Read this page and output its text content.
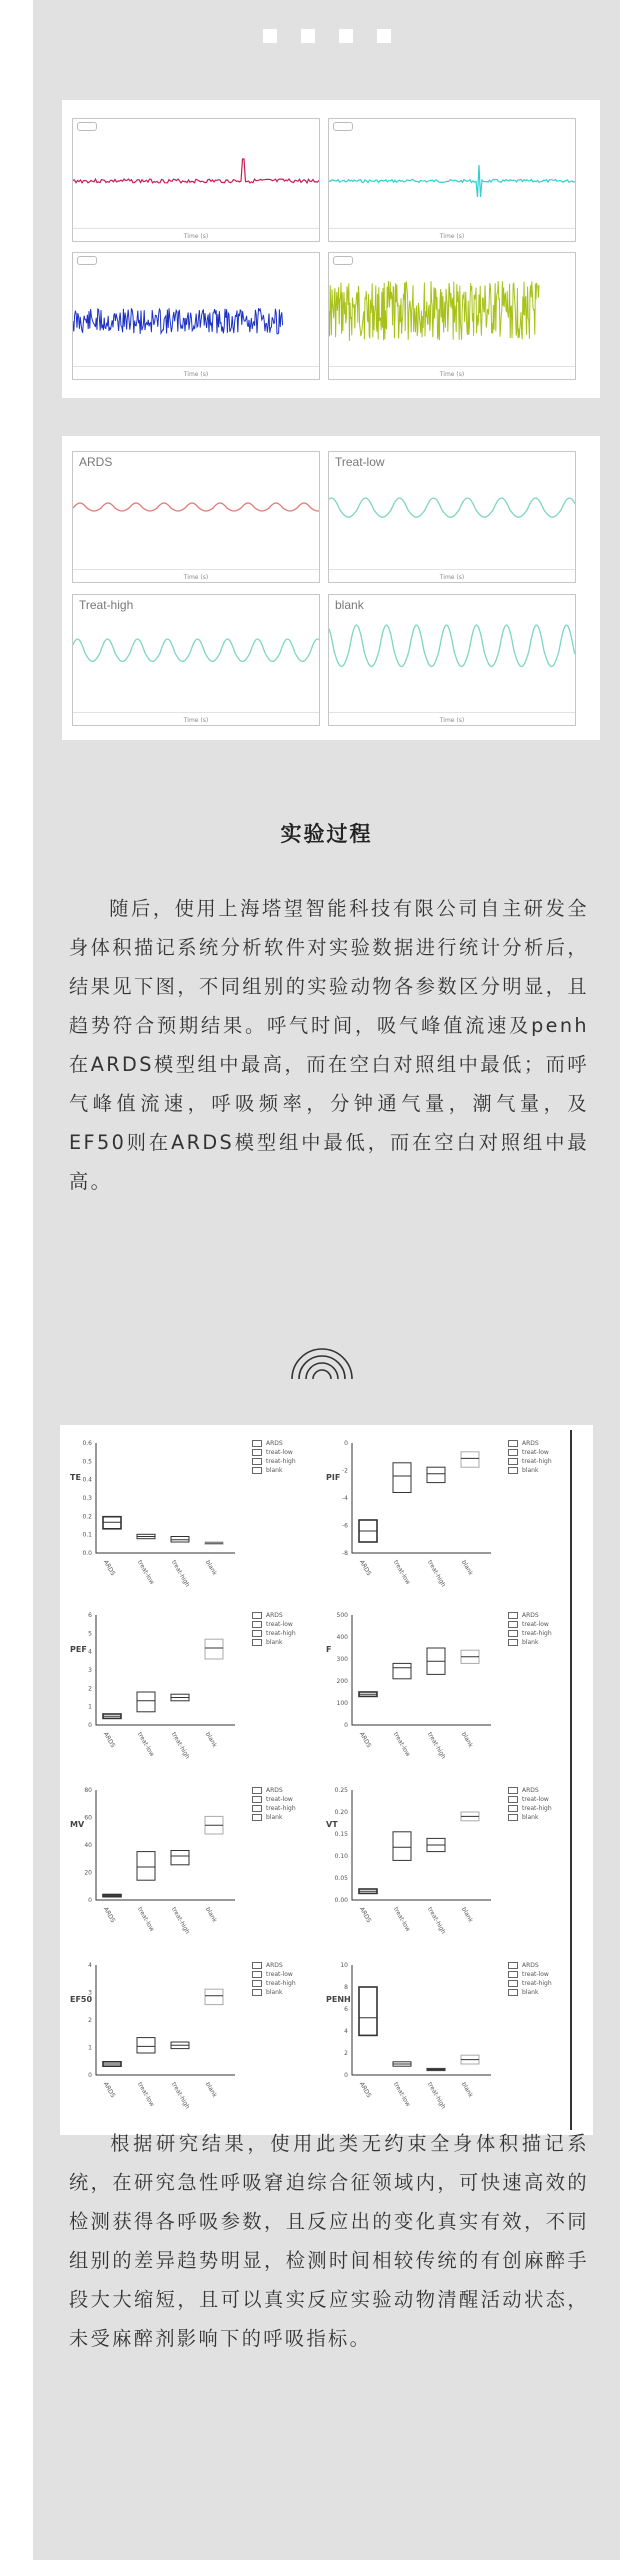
Time (s)	Time (s)
Time (s)	Time (s)
ARDS
Time (s)
Treat-low
Time (s)
Treat-high
Time (s)
blank
Time (s)
实验过程

随后，使用上海塔望智能科技有限公司自主研发全身体积描记系统分析软件对实验数据进行统计分析后，结果见下图，不同组别的实验动物各参数区分明显，且趋势符合预期结果。呼气时间，吸气峰值流速及penh在ARDS模型组中最高，而在空白对照组中最低；而呼气峰值流速，呼吸频率，分钟通气量，潮气量，及EF50则在ARDS模型组中最低，而在空白对照组中最高。

TE
0.6
0.5
0.4
0.3
0.2
0.1
0.0
ARDS
treat-low
treat-high
blank
ARDS	treat-low treat-high blank
PIF
0
-2
-4
-6
-8
ARDS
treat-low
treat-high
blank
ARDS	treat-low treat-high blank
PEF
6
5
4
3
2
1
0
ARDS
treat-low
treat-high
blank
ARDS	treat-low treat-high blank
F
500
400
300
200
100
0
ARDS
treat-low
treat-high
blank
ARDS	treat-low treat-high blank
MV
80
60
40
20
0
ARDS
treat-low
treat-high
blank
ARDS	treat-low treat-high blank
VT
0.25
0.20
0.15
0.10
0.05
0.00
ARDS
treat-low
treat-high
blank
ARDS	treat-low treat-high blank
EF50
4
3
2
1
0
ARDS
treat-low
treat-high
blank
ARDS	treat-low treat-high blank
PENH
10
8
6
4
2
0
ARDS
treat-low
treat-high
blank
ARDS	treat-low treat-high blank

根据研究结果，使用此类无约束全身体积描记系统，在研究急性呼吸窘迫综合征领域内，可快速高效的检测获得各呼吸参数，且反应出的变化真实有效，不同组别的差异趋势明显，检测时间相较传统的有创麻醉手段大大缩短，且可以真实反应实验动物清醒活动状态，未受麻醉剂影响下的呼吸指标。
